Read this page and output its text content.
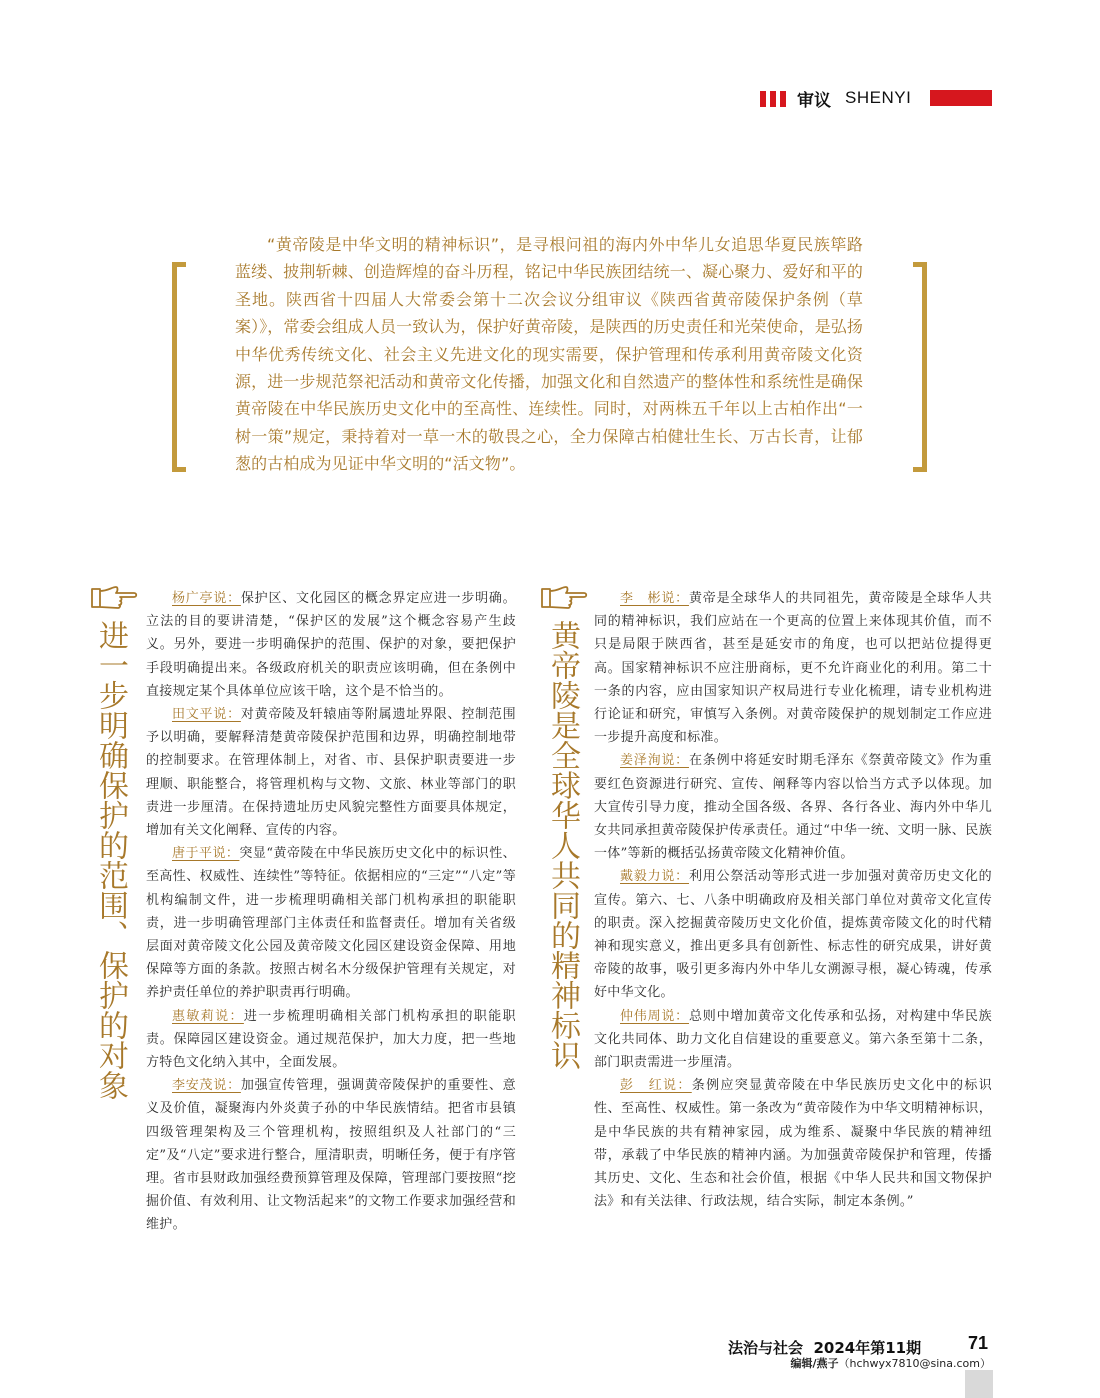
审议 SHENYI
“黄帝陵是中华文明的精神标识”，是寻根问祖的海内外中华儿女追思华夏民族筚路蓝缕、披荆斩棘、创造辉煌的奋斗历程，铭记中华民族团结统一、凝心聚力、爱好和平的圣地。陕西省十四届人大常委会第十二次会议分组审议《陕西省黄帝陵保护条例（草案）》，常委会组成人员一致认为，保护好黄帝陵，是陕西的历史责任和光荣使命，是弘扬中华优秀传统文化、社会主义先进文化的现实需要，保护管理和传承利用黄帝陵文化资源，进一步规范祭祀活动和黄帝文化传播，加强文化和自然遗产的整体性和系统性是确保黄帝陵在中华民族历史文化中的至高性、连续性。同时，对两株五千年以上古柏作出“一树一策”规定，秉持着对一草一木的敬畏之心，全力保障古柏健壮生长、万古长青，让郁葱的古柏成为见证中华文明的“活文物”。
进一步明确保护的范围、保护的对象	黄帝陵是全球华人共同的精神标识

杨广亭说：保护区、文化园区的概念界定应进一步明确。立法的目的要讲清楚，“保护区的发展”这个概念容易产生歧义。另外，要进一步明确保护的范围、保护的对象，要把保护手段明确提出来。各级政府机关的职责应该明确，但在条例中直接规定某个具体单位应该干啥，这个是不恰当的。

田文平说：对黄帝陵及轩辕庙等附属遗址界限、控制范围予以明确，要解释清楚黄帝陵保护范围和边界，明确控制地带的控制要求。在管理体制上，对省、市、县保护职责要进一步理顺、职能整合，将管理机构与文物、文旅、林业等部门的职责进一步厘清。在保持遗址历史风貌完整性方面要具体规定，增加有关文化阐释、宣传的内容。

唐于平说：突显“黄帝陵在中华民族历史文化中的标识性、至高性、权威性、连续性”等特征。依据相应的“三定”“八定”等机构编制文件，进一步梳理明确相关部门机构承担的职能职责，进一步明确管理部门主体责任和监督责任。增加有关省级层面对黄帝陵文化公园及黄帝陵文化园区建设资金保障、用地保障等方面的条款。按照古树名木分级保护管理有关规定，对养护责任单位的养护职责再行明确。

惠敏莉说：进一步梳理明确相关部门机构承担的职能职责。保障园区建设资金。通过规范保护，加大力度，把一些地方特色文化纳入其中，全面发展。

李安茂说：加强宣传管理，强调黄帝陵保护的重要性、意义及价值，凝聚海内外炎黄子孙的中华民族情结。把省市县镇四级管理架构及三个管理机构，按照组织及人社部门的“三定”及“八定”要求进行整合，厘清职责，明晰任务，便于有序管理。省市县财政加强经费预算管理及保障，管理部门要按照“挖掘价值、有效利用、让文物活起来”的文物工作要求加强经营和维护。

李　彬说：黄帝是全球华人的共同祖先，黄帝陵是全球华人共同的精神标识，我们应站在一个更高的位置上来体现其价值，而不只是局限于陕西省，甚至是延安市的角度，也可以把站位提得更高。国家精神标识不应注册商标，更不允许商业化的利用。第二十一条的内容，应由国家知识产权局进行专业化梳理，请专业机构进行论证和研究，审慎写入条例。对黄帝陵保护的规划制定工作应进一步提升高度和标准。

姜泽洵说：在条例中将延安时期毛泽东《祭黄帝陵文》作为重要红色资源进行研究、宣传、阐释等内容以恰当方式予以体现。加大宣传引导力度，推动全国各级、各界、各行各业、海内外中华儿女共同承担黄帝陵保护传承责任。通过“中华一统、文明一脉、民族一体”等新的概括弘扬黄帝陵文化精神价值。

戴毅力说：利用公祭活动等形式进一步加强对黄帝历史文化的宣传。第六、七、八条中明确政府及相关部门单位对黄帝文化宣传的职责。深入挖掘黄帝陵历史文化价值，提炼黄帝陵文化的时代精神和现实意义，推出更多具有创新性、标志性的研究成果，讲好黄帝陵的故事，吸引更多海内外中华儿女溯源寻根，凝心铸魂，传承好中华文化。

仲伟周说：总则中增加黄帝文化传承和弘扬，对构建中华民族文化共同体、助力文化自信建设的重要意义。第六条至第十二条，部门职责需进一步厘清。

彭　红说：条例应突显黄帝陵在中华民族历史文化中的标识性、至高性、权威性。第一条改为“黄帝陵作为中华文明精神标识，是中华民族的共有精神家园，成为维系、凝聚中华民族的精神纽带，承载了中华民族的精神内涵。为加强黄帝陵保护和管理，传播其历史、文化、生态和社会价值，根据《中华人民共和国文物保护法》和有关法律、行政法规，结合实际，制定本条例。”

编辑/燕子（hchwyx7810@sina.com）
法治与社会 2024年第11期	71
